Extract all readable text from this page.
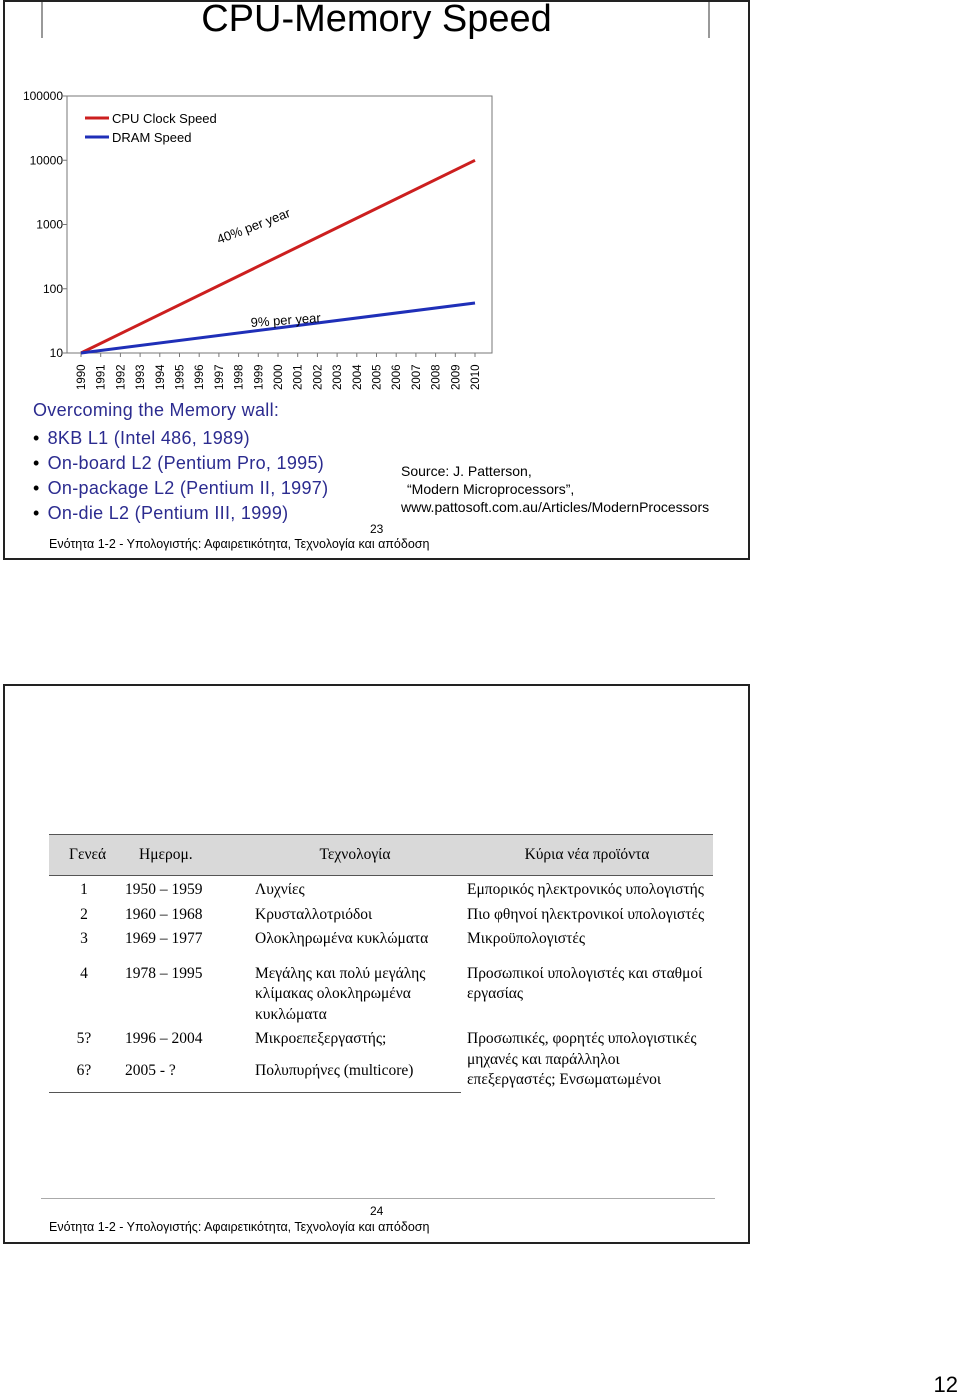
CPU-Memory Speed
10
100
1000
10000
100000
1990 1991 1992 1993 1994 1995 1996 1997 1998 1999 2000 2001 2002 2003 2004 2005 2006 2007 2008 2009 2010
CPU Clock Speed
DRAM Speed
40% per year
9% per year
Overcoming the Memory wall:
• 8KB L1 (Intel 486, 1989)
• On-board L2 (Pentium Pro, 1995)
• On-package L2 (Pentium II, 1997)
• On-die L2 (Pentium III, 1999)
Source: J. Patterson,
“Modern Microprocessors”,
www.pattosoft.com.au/Articles/ModernProcessors
23
Ενότητα 1-2 - Υπολογιστής: Αφαιρετικότητα, Τεχνολογία και απόδοση
Γενεά	Ημερομ.	Τεχνολογία	Κύρια νέα προϊόντα
1	1950 – 1959	Λυχνίες	Εμπορικός ηλεκτρονικός υπολογιστής
2	1960 – 1968	Κρυσταλλοτριόδοι	Πιο φθηνοί ηλεκτρονικοί υπολογιστές
3	1969 – 1977	Ολοκληρωμένα κυκλώματα	Μικροϋπολογιστές
4	1978 – 1995	Μεγάλης και πολύ μεγάλης κλίμακας ολοκληρωμένα κυκλώματα	Προσωπικοί υπολογιστές και σταθμοί εργασίας
5?	1996 – 2004	Μικροεπεξεργαστής;	Προσωπικές, φορητές υπολογιστικές μηχανές και παράλληλοι επεξεργαστές; Ενσωματωμένοι
6?	2005 - ?	Πολυπυρήνες (multicore)	
24
Ενότητα 1-2 - Υπολογιστής: Αφαιρετικότητα, Τεχνολογία και απόδοση
12
